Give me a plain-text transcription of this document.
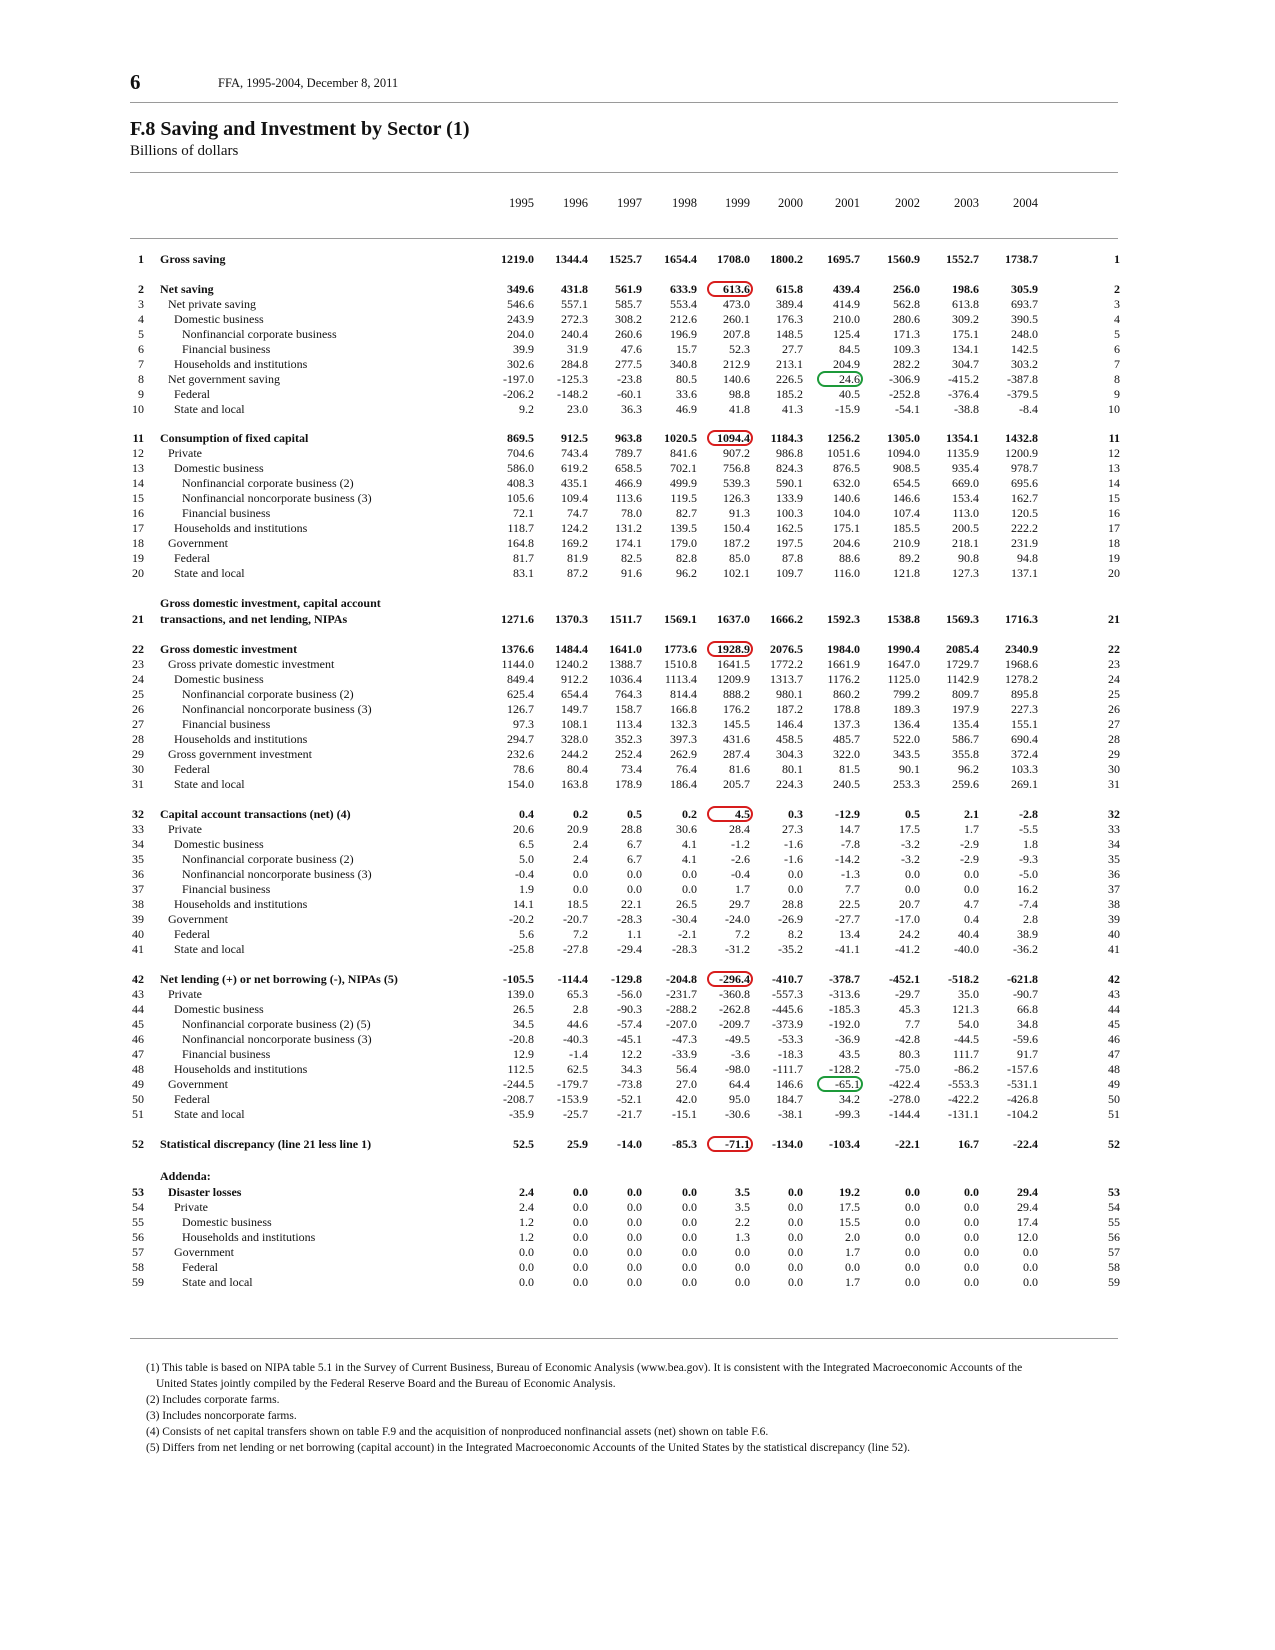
6	FFA, 1995-2004, December 8, 2011
F.8 Saving and Investment by Sector (1)
Billions of dollars
1995	1996	1997	1998	1999	2000	2001	2002	2003	2004
1 Gross saving	1219.0	1344.4	1525.7	1654.4	1708.0	1800.2	1695.7	1560.9	1552.7	1738.7	1
2 Net saving	349.6	431.8	561.9	633.9	613.6	615.8	439.4	256.0	198.6	305.9	2
3 Net private saving	546.6	557.1	585.7	553.4	473.0	389.4	414.9	562.8	613.8	693.7	3
4	Domestic business	243.9	272.3	308.2	212.6	260.1	176.3	210.0	280.6	309.2	390.5	4
5	Nonfinancial corporate business	204.0	240.4	260.6	196.9	207.8	148.5	125.4	171.3	175.1	248.0	5
6	Financial business	39.9	31.9	47.6	15.7	52.3	27.7	84.5	109.3	134.1	142.5	6
7	Households and institutions	302.6	284.8	277.5	340.8	212.9	213.1	204.9	282.2	304.7	303.2	7
8 Net government saving	-197.0	-125.3	-23.8	80.5	140.6	226.5	24.6	-306.9	-415.2	-387.8	8
9	Federal	-206.2	-148.2	-60.1	33.6	98.8	185.2	40.5	-252.8	-376.4	-379.5	9
10	State and local	9.2	23.0	36.3	46.9	41.8	41.3	-15.9	-54.1	-38.8	-8.4	10
11 Consumption of fixed capital	869.5	912.5	963.8	1020.5	1094.4	1184.3	1256.2	1305.0	1354.1	1432.8	11
12 Private	704.6	743.4	789.7	841.6	907.2	986.8	1051.6	1094.0	1135.9	1200.9	12
13	Domestic business	586.0	619.2	658.5	702.1	756.8	824.3	876.5	908.5	935.4	978.7	13
14	Nonfinancial corporate business (2)	408.3	435.1	466.9	499.9	539.3	590.1	632.0	654.5	669.0	695.6	14
15	Nonfinancial noncorporate business (3)	105.6	109.4	113.6	119.5	126.3	133.9	140.6	146.6	153.4	162.7	15
16	Financial business	72.1	74.7	78.0	82.7	91.3	100.3	104.0	107.4	113.0	120.5	16
17	Households and institutions	118.7	124.2	131.2	139.5	150.4	162.5	175.1	185.5	200.5	222.2	17
18 Government	164.8	169.2	174.1	179.0	187.2	197.5	204.6	210.9	218.1	231.9	18
19	Federal	81.7	81.9	82.5	82.8	85.0	87.8	88.6	89.2	90.8	94.8	19
20	State and local	83.1	87.2	91.6	96.2	102.1	109.7	116.0	121.8	127.3	137.1	20
Gross domestic investment, capital account
21 transactions, and net lending, NIPAs	1271.6	1370.3	1511.7	1569.1	1637.0	1666.2	1592.3	1538.8	1569.3	1716.3	21
22 Gross domestic investment	1376.6	1484.4	1641.0	1773.6	1928.9	2076.5	1984.0	1990.4	2085.4	2340.9	22
23 Gross private domestic investment	1144.0	1240.2	1388.7	1510.8	1641.5	1772.2	1661.9	1647.0	1729.7	1968.6	23
24	Domestic business	849.4	912.2	1036.4	1113.4	1209.9	1313.7	1176.2	1125.0	1142.9	1278.2	24
25	Nonfinancial corporate business (2)	625.4	654.4	764.3	814.4	888.2	980.1	860.2	799.2	809.7	895.8	25
26	Nonfinancial noncorporate business (3)	126.7	149.7	158.7	166.8	176.2	187.2	178.8	189.3	197.9	227.3	26
27	Financial business	97.3	108.1	113.4	132.3	145.5	146.4	137.3	136.4	135.4	155.1	27
28	Households and institutions	294.7	328.0	352.3	397.3	431.6	458.5	485.7	522.0	586.7	690.4	28
29 Gross government investment	232.6	244.2	252.4	262.9	287.4	304.3	322.0	343.5	355.8	372.4	29
30	Federal	78.6	80.4	73.4	76.4	81.6	80.1	81.5	90.1	96.2	103.3	30
31	State and local	154.0	163.8	178.9	186.4	205.7	224.3	240.5	253.3	259.6	269.1	31
32 Capital account transactions (net) (4)	0.4	0.2	0.5	0.2	4.5	0.3	-12.9	0.5	2.1	-2.8	32
33 Private	20.6	20.9	28.8	30.6	28.4	27.3	14.7	17.5	1.7	-5.5	33
34	Domestic business	6.5	2.4	6.7	4.1	-1.2	-1.6	-7.8	-3.2	-2.9	1.8	34
35	Nonfinancial corporate business (2)	5.0	2.4	6.7	4.1	-2.6	-1.6	-14.2	-3.2	-2.9	-9.3	35
36	Nonfinancial noncorporate business (3)	-0.4	0.0	0.0	0.0	-0.4	0.0	-1.3	0.0	0.0	-5.0	36
37	Financial business	1.9	0.0	0.0	0.0	1.7	0.0	7.7	0.0	0.0	16.2	37
38	Households and institutions	14.1	18.5	22.1	26.5	29.7	28.8	22.5	20.7	4.7	-7.4	38
39 Government	-20.2	-20.7	-28.3	-30.4	-24.0	-26.9	-27.7	-17.0	0.4	2.8	39
40	Federal	5.6	7.2	1.1	-2.1	7.2	8.2	13.4	24.2	40.4	38.9	40
41	State and local	-25.8	-27.8	-29.4	-28.3	-31.2	-35.2	-41.1	-41.2	-40.0	-36.2	41
42 Net lending (+) or net borrowing (-), NIPAs (5)	-105.5	-114.4	-129.8	-204.8	-296.4	-410.7	-378.7	-452.1	-518.2	-621.8	42
43 Private	139.0	65.3	-56.0	-231.7	-360.8	-557.3	-313.6	-29.7	35.0	-90.7	43
44	Domestic business	26.5	2.8	-90.3	-288.2	-262.8	-445.6	-185.3	45.3	121.3	66.8	44
45	Nonfinancial corporate business (2) (5)	34.5	44.6	-57.4	-207.0	-209.7	-373.9	-192.0	7.7	54.0	34.8	45
46	Nonfinancial noncorporate business (3)	-20.8	-40.3	-45.1	-47.3	-49.5	-53.3	-36.9	-42.8	-44.5	-59.6	46
47	Financial business	12.9	-1.4	12.2	-33.9	-3.6	-18.3	43.5	80.3	111.7	91.7	47
48	Households and institutions	112.5	62.5	34.3	56.4	-98.0	-111.7	-128.2	-75.0	-86.2	-157.6	48
49 Government	-244.5	-179.7	-73.8	27.0	64.4	146.6	-65.1	-422.4	-553.3	-531.1	49
50	Federal	-208.7	-153.9	-52.1	42.0	95.0	184.7	34.2	-278.0	-422.2	-426.8	50
51	State and local	-35.9	-25.7	-21.7	-15.1	-30.6	-38.1	-99.3	-144.4	-131.1	-104.2	51
52 Statistical discrepancy (line 21 less line 1)	52.5	25.9	-14.0	-85.3	-71.1	-134.0	-103.4	-22.1	16.7	-22.4	52
Addenda:
53 Disaster losses	2.4	0.0	0.0	0.0	3.5	0.0	19.2	0.0	0.0	29.4	53
54	Private	2.4	0.0	0.0	0.0	3.5	0.0	17.5	0.0	0.0	29.4	54
55	Domestic business	1.2	0.0	0.0	0.0	2.2	0.0	15.5	0.0	0.0	17.4	55
56	Households and institutions	1.2	0.0	0.0	0.0	1.3	0.0	2.0	0.0	0.0	12.0	56
57	Government	0.0	0.0	0.0	0.0	0.0	0.0	1.7	0.0	0.0	0.0	57
58	Federal	0.0	0.0	0.0	0.0	0.0	0.0	0.0	0.0	0.0	0.0	58
59	State and local	0.0	0.0	0.0	0.0	0.0	0.0	1.7	0.0	0.0	0.0	59
(1) This table is based on NIPA table 5.1 in the Survey of Current Business, Bureau of Economic Analysis (www.bea.gov). It is consistent with the Integrated Macroeconomic Accounts of the
United States jointly compiled by the Federal Reserve Board and the Bureau of Economic Analysis.
(2) Includes corporate farms.
(3) Includes noncorporate farms.
(4) Consists of net capital transfers shown on table F.9 and the acquisition of nonproduced nonfinancial assets (net) shown on table F.6.
(5) Differs from net lending or net borrowing (capital account) in the Integrated Macroeconomic Accounts of the United States by the statistical discrepancy (line 52).
